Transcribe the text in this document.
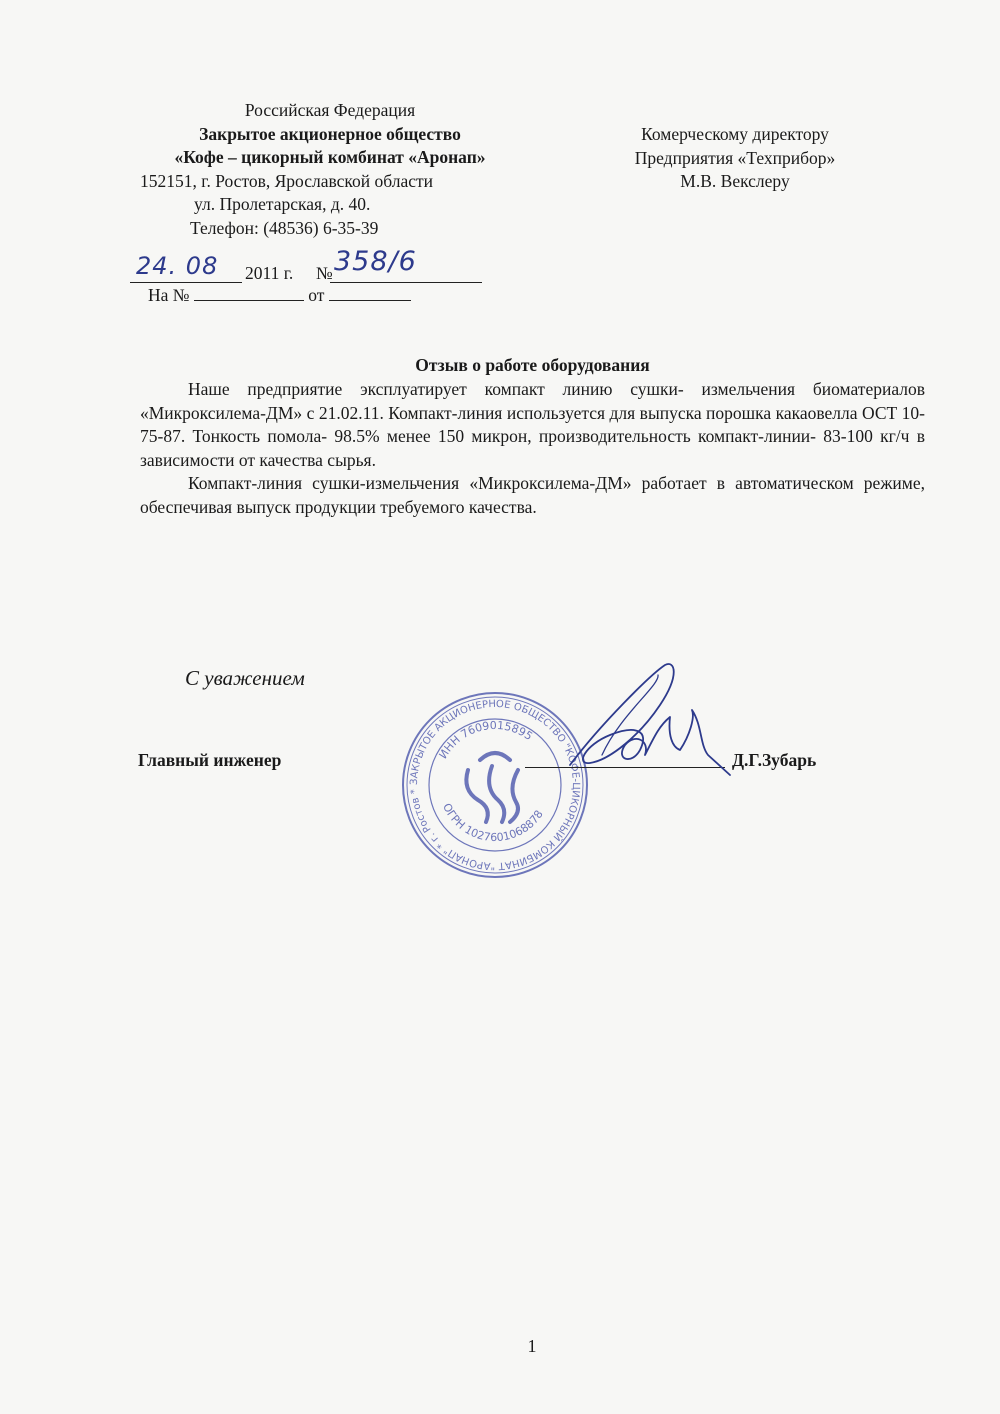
Российская Федерация
Закрытое акционерное общество
«Кофе – цикорный комбинат «Аронап»
152151, г. Ростов, Ярославской области
ул. Пролетарская, д. 40.
Телефон: (48536) 6-35-39
Комерческому директору
Предприятия «Техприбор»
М.В. Векслеру
24. 08 2011 г. № 358/6
На №	от
Отзыв о работе оборудования

Наше предприятие эксплуатирует компакт линию сушки- измельчения биоматериалов «Микроксилема-ДМ» с 21.02.11. Компакт-линия используется для выпуска порошка какаовелла ОСТ 10-75-87. Тонкость помола- 98.5% менее 150 микрон, производительность компакт-линии- 83-100 кг/ч в зависимости от качества сырья.

Компакт-линия сушки-измельчения «Микроксилема-ДМ» работает в автоматическом режиме, обеспечивая выпуск продукции требуемого качества.

С уважением
ЗАКРЫТОЕ АКЦИОНЕРНОЕ ОБЩЕСТВО "КОФЕ-ЦИКОРНЫЙ КОМБИНАТ "АРОНАП" * г. Ростов *
ИНН 7609015895
ОГРН 1027601068878
Главный инженер	Д.Г.Зубарь
1
